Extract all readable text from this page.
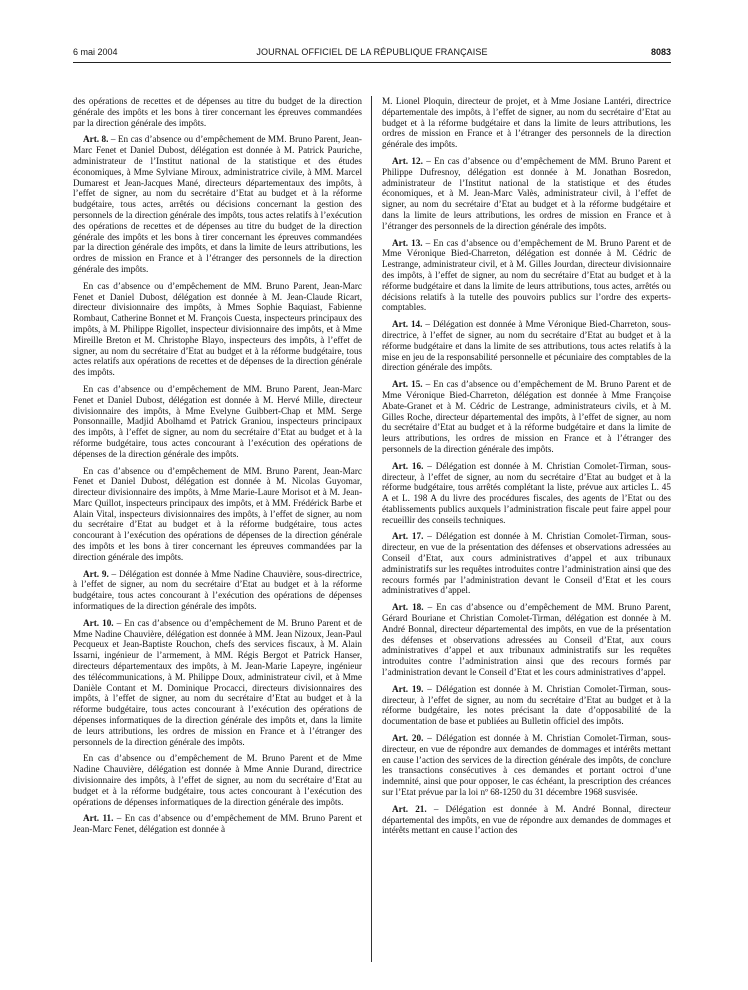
6 mai 2004	JOURNAL OFFICIEL DE LA RÉPUBLIQUE FRANÇAISE	8083

des opérations de recettes et de dépenses au titre du budget de la direction générale des impôts et les bons à tirer concernant les épreuves commandées par la direction générale des impôts.

Art. 8. – En cas d’absence ou d’empêchement de MM. Bruno Parent, Jean-Marc Fenet et Daniel Dubost, délégation est donnée à M. Patrick Pauriche, administrateur de l’Institut national de la statistique et des études économiques, à Mme Sylviane Miroux, administratrice civile, à MM. Marcel Dumarest et Jean-Jacques Mané, directeurs départementaux des impôts, à l’effet de signer, au nom du secrétaire d’Etat au budget et à la réforme budgétaire, tous actes, arrêtés ou décisions concernant la gestion des personnels de la direction générale des impôts, tous actes relatifs à l’exécution des opérations de recettes et de dépenses au titre du budget de la direction générale des impôts et les bons à tirer concernant les épreuves commandées par la direction générale des impôts, et dans la limite de leurs attributions, les ordres de mission en France et à l’étranger des personnels de la direction générale des impôts.

En cas d’absence ou d’empêchement de MM. Bruno Parent, Jean-Marc Fenet et Daniel Dubost, délégation est donnée à M. Jean-Claude Ricart, directeur divisionnaire des impôts, à Mmes Sophie Baquiast, Fabienne Rombaut, Catherine Bonnet et M. François Cuesta, inspecteurs principaux des impôts, à M. Philippe Rigollet, inspecteur divisionnaire des impôts, et à Mme Mireille Breton et M. Christophe Blayo, inspecteurs des impôts, à l’effet de signer, au nom du secrétaire d’Etat au budget et à la réforme budgétaire, tous actes relatifs aux opérations de recettes et de dépenses de la direction générale des impôts.

En cas d’absence ou d’empêchement de MM. Bruno Parent, Jean-Marc Fenet et Daniel Dubost, délégation est donnée à M. Hervé Mille, directeur divisionnaire des impôts, à Mme Evelyne Guibbert-Chap et MM. Serge Ponsonnaille, Madjid Abolhamd et Patrick Graniou, inspecteurs principaux des impôts, à l’effet de signer, au nom du secrétaire d’Etat au budget et à la réforme budgétaire, tous actes concourant à l’exécution des opérations de dépenses de la direction générale des impôts.

En cas d’absence ou d’empêchement de MM. Bruno Parent, Jean-Marc Fenet et Daniel Dubost, délégation est donnée à M. Nicolas Guyomar, directeur divisionnaire des impôts, à Mme Marie-Laure Morisot et à M. Jean-Marc Quillot, inspecteurs principaux des impôts, et à MM. Frédérick Barbe et Alain Vital, inspecteurs divisionnaires des impôts, à l’effet de signer, au nom du secrétaire d’Etat au budget et à la réforme budgétaire, tous actes concourant à l’exécution des opérations de dépenses de la direction générale des impôts et les bons à tirer concernant les épreuves commandées par la direction générale des impôts.

Art. 9. – Délégation est donnée à Mme Nadine Chauvière, sous-directrice, à l’effet de signer, au nom du secrétaire d’Etat au budget et à la réforme budgétaire, tous actes concourant à l’exécution des opérations de dépenses informatiques de la direction générale des impôts.

Art. 10. – En cas d’absence ou d’empêchement de M. Bruno Parent et de Mme Nadine Chauvière, délégation est donnée à MM. Jean Nizoux, Jean-Paul Pecqueux et Jean-Baptiste Rouchon, chefs des services fiscaux, à M. Alain Issarni, ingénieur de l’armement, à MM. Régis Bergot et Patrick Hanser, directeurs départementaux des impôts, à M. Jean-Marie Lapeyre, ingénieur des télécommunications, à M. Philippe Doux, administrateur civil, et à Mme Danièle Contant et M. Dominique Procacci, directeurs divisionnaires des impôts, à l’effet de signer, au nom du secrétaire d’Etat au budget et à la réforme budgétaire, tous actes concourant à l’exécution des opérations de dépenses informatiques de la direction générale des impôts et, dans la limite de leurs attributions, les ordres de mission en France et à l’étranger des personnels de la direction générale des impôts.

En cas d’absence ou d’empêchement de M. Bruno Parent et de Mme Nadine Chauvière, délégation est donnée à Mme Annie Durand, directrice divisionnaire des impôts, à l’effet de signer, au nom du secrétaire d’Etat au budget et à la réforme budgétaire, tous actes concourant à l’exécution des opérations de dépenses informatiques de la direction générale des impôts.

Art. 11. – En cas d’absence ou d’empêchement de MM. Bruno Parent et Jean-Marc Fenet, délégation est donnée à

M. Lionel Ploquin, directeur de projet, et à Mme Josiane Lantéri, directrice départementale des impôts, à l’effet de signer, au nom du secrétaire d’Etat au budget et à la réforme budgétaire et dans la limite de leurs attributions, les ordres de mission en France et à l’étranger des personnels de la direction générale des impôts.

Art. 12. – En cas d’absence ou d’empêchement de MM. Bruno Parent et Philippe Dufresnoy, délégation est donnée à M. Jonathan Bosredon, administrateur de l’Institut national de la statistique et des études économiques, et à M. Jean-Marc Valès, administrateur civil, à l’effet de signer, au nom du secrétaire d’Etat au budget et à la réforme budgétaire et dans la limite de leurs attributions, les ordres de mission en France et à l’étranger des personnels de la direction générale des impôts.

Art. 13. – En cas d’absence ou d’empêchement de M. Bruno Parent et de Mme Véronique Bied-Charreton, délégation est donnée à M. Cédric de Lestrange, administrateur civil, et à M. Gilles Jourdan, directeur divisionnaire des impôts, à l’effet de signer, au nom du secrétaire d’Etat au budget et à la réforme budgétaire et dans la limite de leurs attributions, tous actes, arrêtés ou décisions relatifs à la tutelle des pouvoirs publics sur l’ordre des experts-comptables.

Art. 14. – Délégation est donnée à Mme Véronique Bied-Charreton, sous-directrice, à l’effet de signer, au nom du secrétaire d’Etat au budget et à la réforme budgétaire et dans la limite de ses attributions, tous actes relatifs à la mise en jeu de la responsabilité personnelle et pécuniaire des comptables de la direction générale des impôts.

Art. 15. – En cas d’absence ou d’empêchement de M. Bruno Parent et de Mme Véronique Bied-Charreton, délégation est donnée à Mme Françoise Abate-Granet et à M. Cédric de Lestrange, administrateurs civils, et à M. Gilles Roche, directeur départemental des impôts, à l’effet de signer, au nom du secrétaire d’Etat au budget et à la réforme budgétaire et dans la limite de leurs attributions, les ordres de mission en France et à l’étranger des personnels de la direction générale des impôts.

Art. 16. – Délégation est donnée à M. Christian Comolet-Tirman, sous-directeur, à l’effet de signer, au nom du secrétaire d’Etat au budget et à la réforme budgétaire, tous arrêtés complétant la liste, prévue aux articles L. 45 A et L. 198 A du livre des procédures fiscales, des agents de l’Etat ou des établissements publics auxquels l’administration fiscale peut faire appel pour recueillir des conseils techniques.

Art. 17. – Délégation est donnée à M. Christian Comolet-Tirman, sous-directeur, en vue de la présentation des défenses et observations adressées au Conseil d’Etat, aux cours administratives d’appel et aux tribunaux administratifs sur les requêtes introduites contre l’administration ainsi que des recours formés par l’administration devant le Conseil d’Etat et les cours administratives d’appel.

Art. 18. – En cas d’absence ou d’empêchement de MM. Bruno Parent, Gérard Bouriane et Christian Comolet-Tirman, délégation est donnée à M. André Bonnal, directeur départemental des impôts, en vue de la présentation des défenses et observations adressées au Conseil d’Etat, aux cours administratives d’appel et aux tribunaux administratifs sur les requêtes introduites contre l’administration ainsi que des recours formés par l’administration devant le Conseil d’Etat et les cours administratives d’appel.

Art. 19. – Délégation est donnée à M. Christian Comolet-Tirman, sous-directeur, à l’effet de signer, au nom du secrétaire d’Etat au budget et à la réforme budgétaire, les notes précisant la date d’opposabilité de la documentation de base et publiées au Bulletin officiel des impôts.

Art. 20. – Délégation est donnée à M. Christian Comolet-Tirman, sous-directeur, en vue de répondre aux demandes de dommages et intérêts mettant en cause l’action des services de la direction générale des impôts, de conclure les transactions consécutives à ces demandes et portant octroi d’une indemnité, ainsi que pour opposer, le cas échéant, la prescription des créances sur l’Etat prévue par la loi nº 68-1250 du 31 décembre 1968 susvisée.

Art. 21. – Délégation est donnée à M. André Bonnal, directeur départemental des impôts, en vue de répondre aux demandes de dommages et intérêts mettant en cause l’action des
